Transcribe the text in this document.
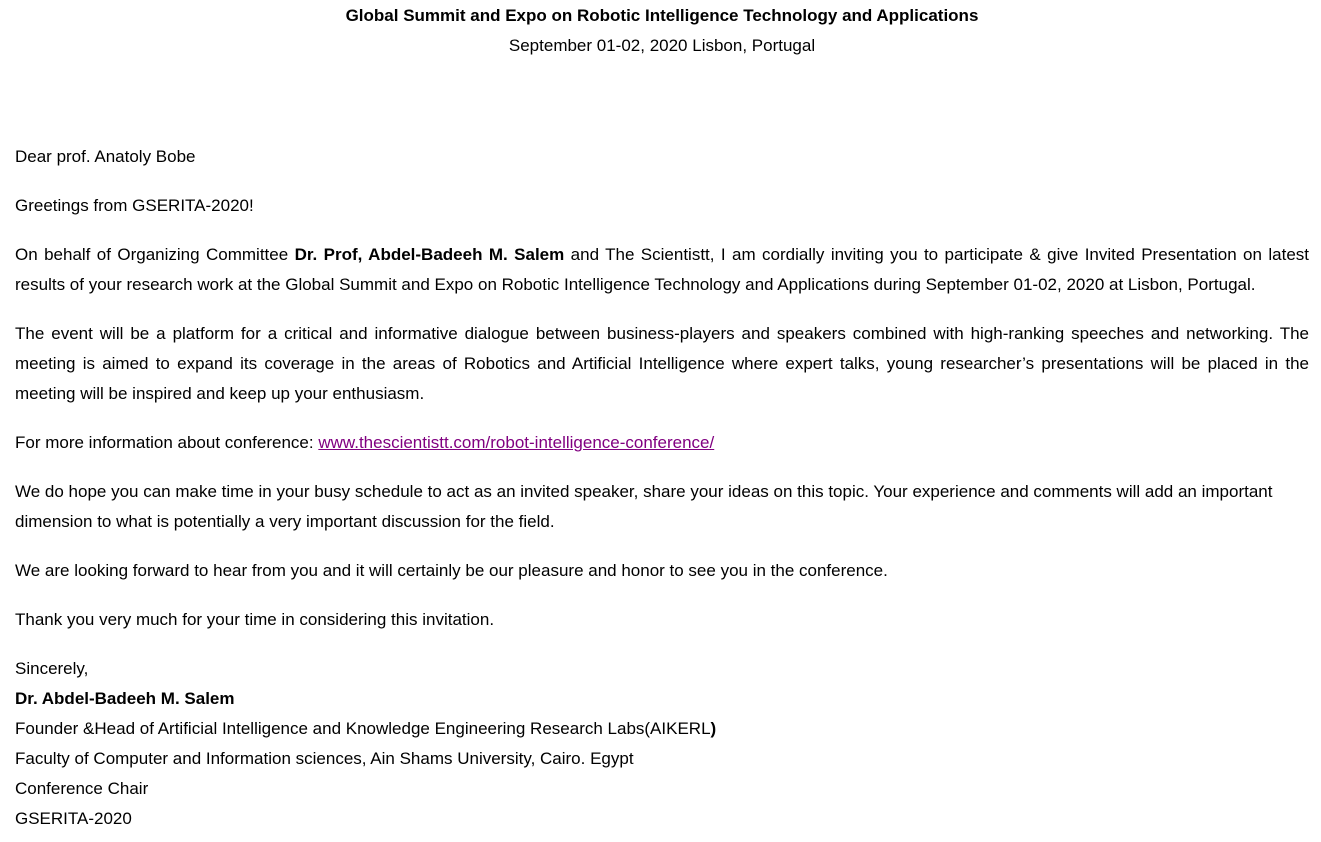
Global Summit and Expo on Robotic Intelligence Technology and Applications
September 01-02, 2020 Lisbon, Portugal

Dear prof. Anatoly Bobe

Greetings from GSERITA-2020!

On behalf of Organizing Committee Dr. Prof, Abdel-Badeeh M. Salem and The Scientistt, I am cordially inviting you to participate & give Invited Presentation on latest results of your research work at the Global Summit and Expo on Robotic Intelligence Technology and Applications during September 01-02, 2020 at Lisbon, Portugal.

The event will be a platform for a critical and informative dialogue between business-players and speakers combined with high-ranking speeches and networking. The meeting is aimed to expand its coverage in the areas of Robotics and Artificial Intelligence where expert talks, young researcher’s presentations will be placed in the meeting will be inspired and keep up your enthusiasm.

For more information about conference: www.thescientistt.com/robot-intelligence-conference/

We do hope you can make time in your busy schedule to act as an invited speaker, share your ideas on this topic. Your experience and comments will add an important dimension to what is potentially a very important discussion for the field.

We are looking forward to hear from you and it will certainly be our pleasure and honor to see you in the conference.

Thank you very much for your time in considering this invitation.

Sincerely,
Dr. Abdel-Badeeh M. Salem
Founder &Head of Artificial Intelligence and Knowledge Engineering Research Labs(AIKERL)
Faculty of Computer and Information sciences, Ain Shams University, Cairo. Egypt
Conference Chair
GSERITA-2020
